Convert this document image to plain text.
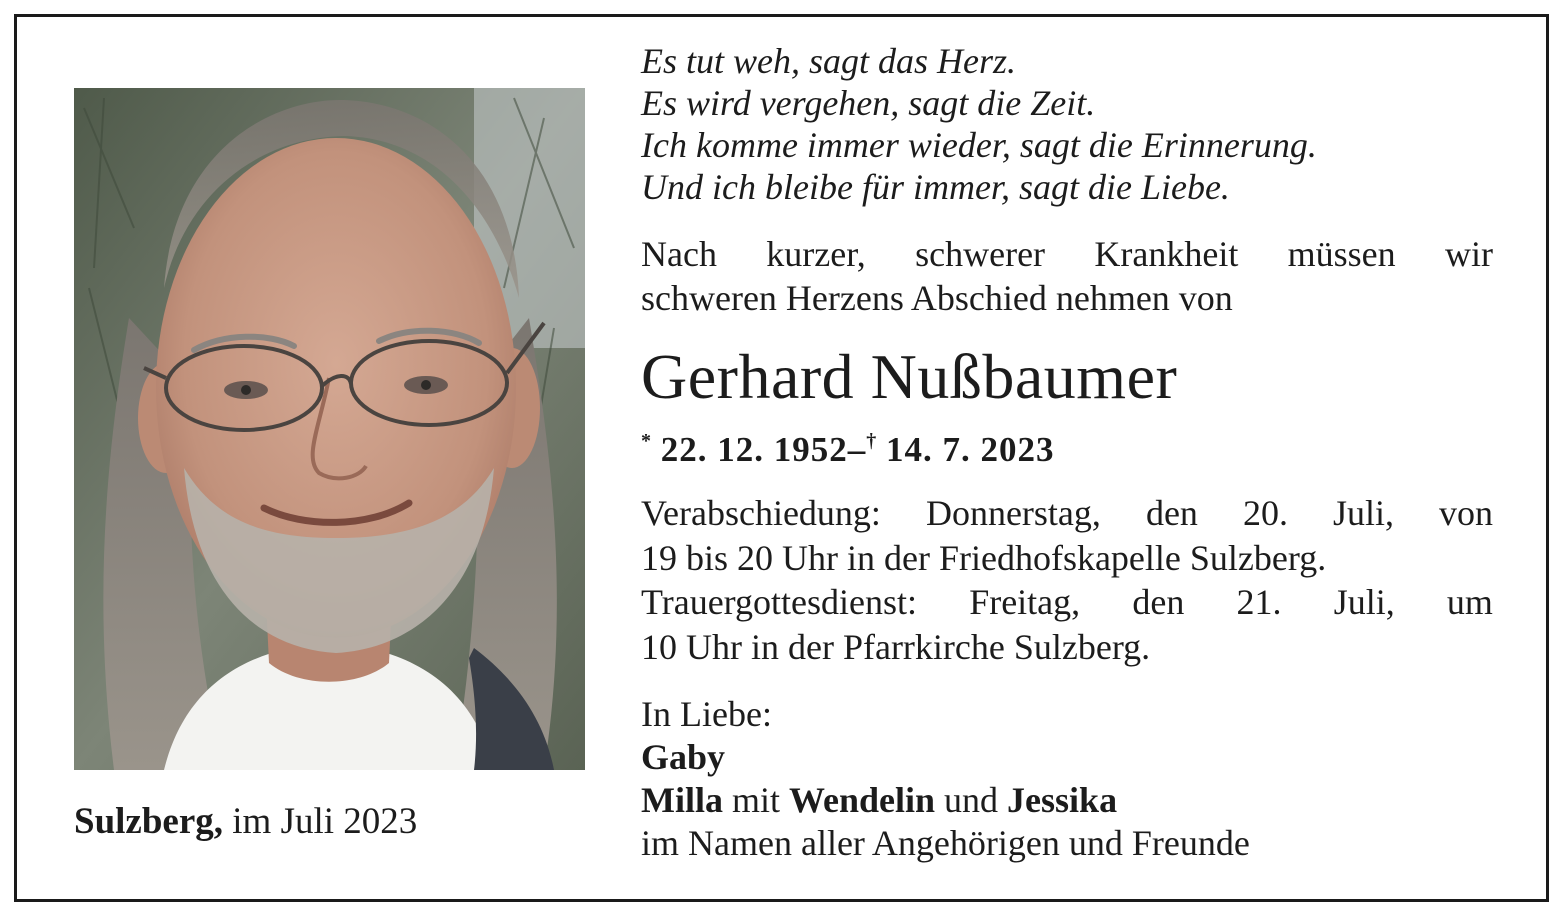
Sulzberg, im Juli 2023
Es tut weh, sagt das Herz.
Es wird vergehen, sagt die Zeit.
Ich komme immer wieder, sagt die Erinnerung.
Und ich bleibe für immer, sagt die Liebe.
Nach kurzer, schwerer Krankheit müssen wir
schweren Herzens Abschied nehmen von
Gerhard Nußbaumer
* 22. 12. 1952–† 14. 7. 2023
Verabschiedung: Donnerstag, den 20. Juli, von
19 bis 20 Uhr in der Friedhofskapelle Sulzberg.
Trauergottesdienst: Freitag, den 21. Juli, um
10 Uhr in der Pfarrkirche Sulzberg.
In Liebe:
Gaby
Milla mit Wendelin und Jessika
im Namen aller Angehörigen und Freunde
